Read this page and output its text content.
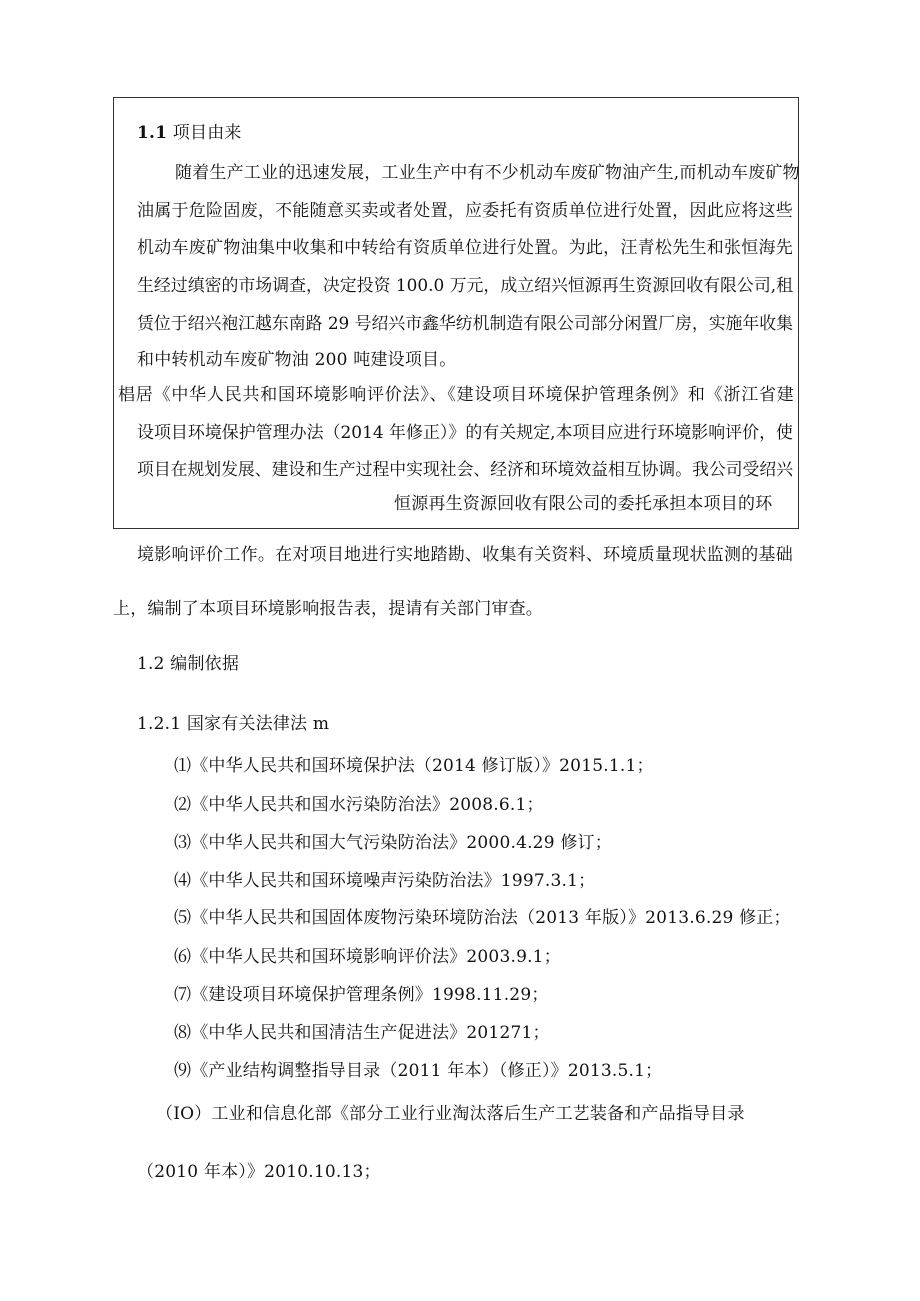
1.1 项目由来
随着生产工业的迅速发展，工业生产中有不少机动车废矿物油产生,而机动车废矿物
油属于危险固废，不能随意买卖或者处置，应委托有资质单位进行处置，因此应将这些
机动车废矿物油集中收集和中转给有资质单位进行处置。为此，汪青松先生和张恒海先
生经过缜密的市场调查，决定投资 100.0 万元，成立绍兴恒源再生资源回收有限公司,租
赁位于绍兴袍江越东南路 29 号绍兴市鑫华纺机制造有限公司部分闲置厂房，实施年收集
和中转机动车废矿物油 200 吨建设项目。
椙居《中华人民共和国环境影响评价法》、《建设项目环境保护管理条例》和《浙江省建
设项目环境保护管理办法（2014 年修正）》的有关规定,本项目应进行环境影响评价，使
项目在规划发展、建设和生产过程中实现社会、经济和环境效益相互协调。我公司受绍兴
恒源再生资源回收有限公司的委托承担本项目的环
境影响评价工作。在对项目地进行实地踏勘、收集有关资料、环境质量现状监测的基础
上，编制了本项目环境影响报告表，提请有关部门审查。
1.2 编制依据
1.2.1 国家有关法律法 m
⑴《中华人民共和国环境保护法（2014 修订版）》2015.1.1；
⑵《中华人民共和国水污染防治法》2008.6.1；
⑶《中华人民共和国大气污染防治法》2000.4.29 修订；
⑷《中华人民共和国环境噪声污染防治法》1997.3.1；
⑸《中华人民共和国固体废物污染环境防治法（2013 年版）》2013.6.29 修正；
⑹《中华人民共和国环境影响评价法》2003.9.1；
⑺《建设项目环境保护管理条例》1998.11.29；
⑻《中华人民共和国清洁生产促进法》201271；
⑼《产业结构调整指导目录（2011 年本）（修正）》2013.5.1；
（IO）工业和信息化部《部分工业行业淘汰落后生产工艺装备和产品指导目录
（2010 年本）》2010.10.13；
